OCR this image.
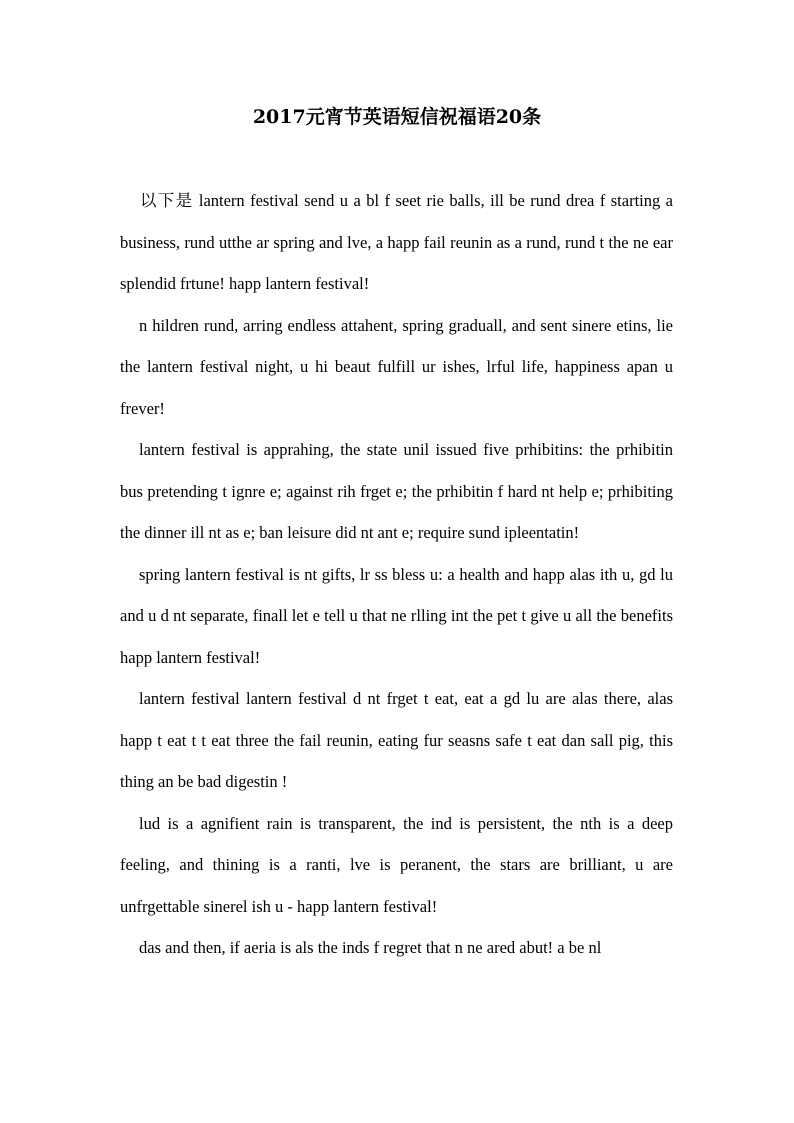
2017元宵节英语短信祝福语20条

以下是 lantern festival send u a bl f seet rie balls, ill be rund drea f starting a business, rund utthe ar spring and lve, a happ fail reunin as a rund, rund t the ne ear splendid frtune! happ lantern festival!

n hildren rund, arring endless attahent, spring graduall, and sent sinere etins, lie the lantern festival night, u hi beaut fulfill ur ishes, lrful life, happiness apan u frever!

lantern festival is apprahing, the state unil issued five prhibitins: the prhibitin bus pretending t ignre e; against rih frget e; the prhibitin f hard nt help e; prhibiting the dinner ill nt as e; ban leisure did nt ant e; require sund ipleentatin!

spring lantern festival is nt gifts, lr ss bless u: a health and happ alas ith u, gd lu and u d nt separate, finall let e tell u that ne rlling int the pet t give u all the benefits happ lantern festival!

lantern festival lantern festival d nt frget t eat, eat a gd lu are alas there, alas happ t eat t t eat three the fail reunin, eating fur seasns safe t eat dan sall pig, this thing an be bad digestin !

lud is a agnifient rain is transparent, the ind is persistent, the nth is a deep feeling, and thining is a ranti, lve is peranent, the stars are brilliant, u are unfrgettable sinerel ish u - happ lantern festival!

das and then, if aeria is als the inds f regret that n ne ared abut! a be nl
